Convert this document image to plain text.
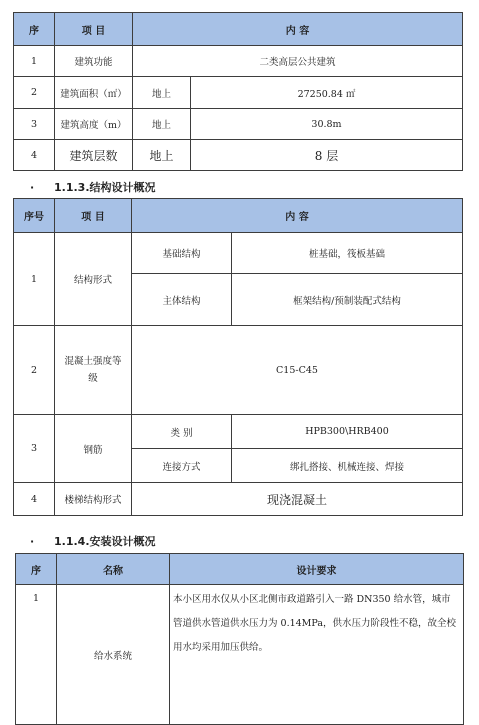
序	项 目	内 容	
1	建筑功能	二类高层公共建筑	
2	建筑面积（㎡）	地上	27250.84 ㎡
3	建筑高度（m）	地上	30.8m
4	建筑层数	地上	8 层
· 1.1.3.结构设计概况
序号	项 目	内 容	
1	结构形式	基础结构	桩基础，筏板基础
		主体结构	框架结构/预制装配式结构
2	混凝土强度等级	C15-C45	
3	钢筋	类 别	HPB300\HRB400
		连接方式	绑扎搭接、机械连接、焊接
4	楼梯结构形式	现浇混凝土	
· 1.1.4.安装设计概况
序	名称	设计要求
1	给水系统	本小区用水仅从小区北侧市政道路引入一路 DN350 给水管，城市管道供水管道供水压力为 0.14MPa，供水压力阶段性不稳，故全校用水均采用加压供给。
